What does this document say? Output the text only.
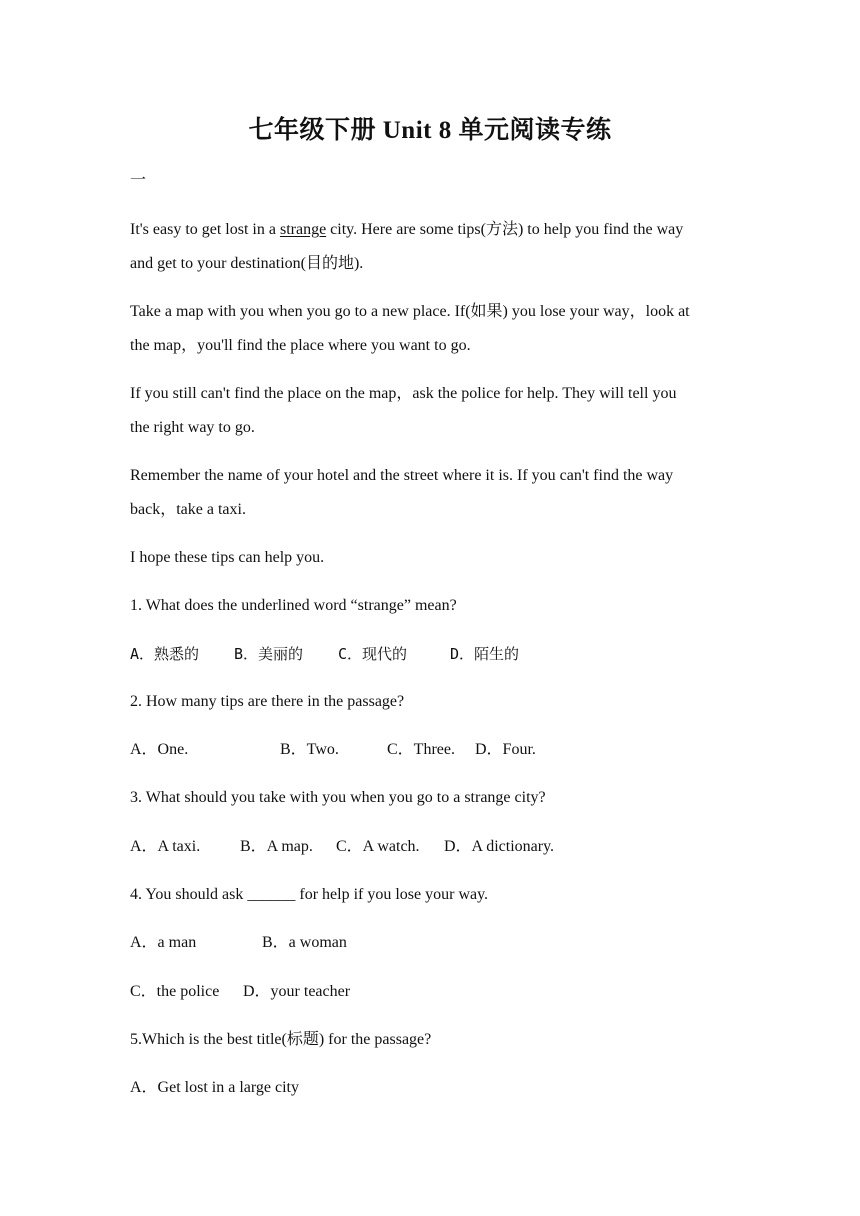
七年级下册 Unit 8 单元阅读专练
一
It's easy to get lost in a strange city. Here are some tips(方法) to help you find the way
and get to your destination(目的地).
Take a map with you when you go to a new place. If(如果) you lose your way，look at
the map，you'll find the place where you want to go.
If you still can't find the place on the map，ask the police for help. They will tell you
the right way to go.
Remember the name of your hotel and the street where it is. If you can't find the way
back，take a taxi.
I hope these tips can help you.
1. What does the underlined word “strange” mean?
A．熟悉的 B．美丽的 C．现代的	D．陌生的
2. How many tips are there in the passage?
A．One.	B．Two.	C．Three. D．Four.
3. What should you take with you when you go to a strange city?
A．A taxi. B．A map. C．A watch. D．A dictionary.
4. You should ask ______ for help if you lose your way.
A．a man	B．a woman
C．the police D．your teacher
5.Which is the best title(标题) for the passage?
A．Get lost in a large city
